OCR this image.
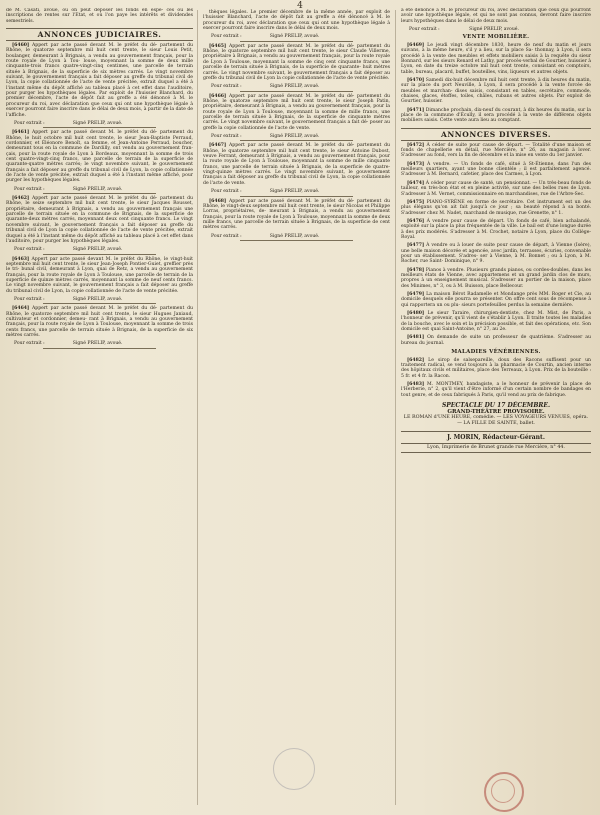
4

de M. Casati, avoué, où on peut déposer les fonds en espè- ces ou les inscriptions de rentes sur l'Etat, et où l'on paye les intérêts et dividendes semestriels.

ANNONCES JUDICIAIRES.

[6460] Appert par acte passé devant M. le préfet du dé- partement du Rhône, le quatorze septembre mil huit cent trente, le sieur Louis Petit, boulanger, demeurant à Brignais, a vendu au gouvernement français, pour la route royale de Lyon à Tou- louse, moyennant la somme de deux mille cinquante-trois francs quatre-vingt-cinq centimes, une parcelle de terrain située à Brignais, de la superficie de six mètres carrés. Le vingt novembre suivant, le gouvernement français a fait déposer au greffe du tribunal civil de Lyon, la copie collationnée de l'acte de vente précitée, extrait duquel a été à l'instant même du dépôt affiché au tableau placé à cet effet dans l'auditoire, pour purger les hypothèques légales. Par exploit de l'huissier Blanchard, du premier décembre, l'acte de dépôt fait au greffe a été dénoncé à M. le procureur du roi, avec déclaration que ceux qui ont une hypothèque légale à exercer pourront faire inscrire dans le délai de deux mois, à partir de la date de l'affiche.

Pour extrait :	Signé PRELIP, avoué.

[6461] Appert par acte passé devant M. le préfet du dé- partement du Rhône, le huit octobre mil huit cent trente, le sieur Jean-Baptiste Perraud, cordonnier, et Éléonore Benoît, sa femme, et Jean-Antoine Perraud, boucher, demeurant tous en la commune de Dardilly, ont vendu au gouvernement fran- çais, pour la route royale de Lyon à Bordeaux, moyennant la somme de trois cent quatre-vingt-cinq francs, une parcelle de terrain de la superficie de quarante-quatre mètres carrés; le vingt novembre suivant, le gouvernement français a fait déposer au greffe du tribunal civil de Lyon, la copie collationnée de l'acte de vente précitée, extrait duquel a été à l'instant même affiché, pour purger les hypothèques légales.

Pour extrait :	Signé PRELIP, avoué.

[6462] Appert par acte passé devant M. le préfet du dé- partement du Rhône, le seize septembre mil huit cent trente, le sieur Jacques Rousset, propriétaire, demeurant à Brignais, a vendu au gouvernement français une parcelle de terrain située en la commune de Brignais, de la superficie de quarante-deux mètres carrés, moyennant deux cent cinquante francs. Le vingt novembre suivant, le gouvernement français a fait déposer au greffe du tribunal civil de Lyon la copie collationnée de l'acte de vente précitée, extrait duquel a été à l'instant même du dépôt affiché au tableau placé à cet effet dans l'auditoire, pour purger les hypothèques légales.

Pour extrait :	Signé PRELIP, avoué.

[6463] Appert par acte passé devant M. le préfet du Rhône, le vingt-huit septembre mil huit cent trente, le sieur Jean-Joseph Pontier-Guiet, greffier près le tri- bunal civil, demeurant à Lyon, quai de Retz, a vendu au gouvernement français, pour la route royale de Lyon à Toulouse, une parcelle de terrain de la superficie de quinze mètres carrés, moyennant la somme de neuf cents francs. Le vingt novembre suivant, le gouvernement français a fait déposer au greffe du tribunal civil de Lyon, la copie collationnée de l'acte de vente précitée.

Pour extrait :	Signé PRELIP, avoué.

[6464] Appert par acte passé devant M. le préfet du dé- partement du Rhône, le quatorze septembre mil huit cent trente, le sieur Hugues Janiaud, cultivateur et cordonnier, demeu- rant à Brignais, a vendu au gouvernement français, pour la route royale de Lyon à Toulouse, moyennant la somme de trois cents francs, une parcelle de terrain située à Brignais, de la superficie de six mètres carrés.

Pour extrait :	Signé PRELIP, avoué.

thèques légales. Le premier décembre de la même année, par exploit de l'huissier Blanchard, l'acte de dépôt fait au greffe a été dénoncé à M. le procureur du roi, avec déclaration que ceux qui ont une hypothèque légale à exercer pourront faire inscrire dans le délai de deux mois.

Pour extrait :	Signé PRELIP, avoué.

[6465] Appert par acte passé devant M. le préfet du dé- partement du Rhône, le quatorze septembre mil huit cent trente, le sieur Claude Villerme, propriétaire à Brignais, a vendu au gouvernement français, pour la route royale de Lyon à Toulouse, moyennant la somme de cinq cent cinquante francs, une parcelle de terrain située à Brignais, de la superficie de quarante- huit mètres carrés. Le vingt novembre suivant, le gouvernement français a fait déposer au greffe du tribunal civil de Lyon la copie collationnée de l'acte de vente précitée.

Pour extrait :	Signé PRELIP, avoué.

[6466] Appert par acte passé devant M. le préfet du dé- partement du Rhône, le quatorze septembre mil huit cent trente, le sieur Joseph Patin, propriétaire, demeurant à Brignais, a vendu au gouvernement français, pour la route royale de Lyon à Toulouse, moyennant la somme de mille francs, une parcelle de terrain située à Brignais, de la superficie de cinquante mètres carrés. Le vingt novembre suivant, le gouvernement français a fait dé- poser au greffe la copie collationnée de l'acte de vente.

Pour extrait :	Signé PRELIP, avoué.

[6467] Appert par acte passé devant M. le préfet du dé- partement du Rhône, le quatorze septembre mil huit cent trente, le sieur Antoine Dubost, veuve Ferrant, demeurant à Brignais, a vendu au gouvernement français, pour la route royale de Lyon à Toulouse, moyennant la somme de mille cinquante francs, une parcelle de terrain située à Brignais, de la superficie de quatre-vingt-quinze mètres carrés. Le vingt novembre suivant, le gouvernement français a fait déposer au greffe du tribunal civil de Lyon, la copie collationnée de l'acte de vente.

Pour extrait :	Signé PRELIP, avoué.

[6468] Appert par acte passé devant M. le préfet du dé- partement du Rhône, le vingt-deux septembre mil huit cent trente, le sieur Nicolas et Philippe Lorras, propriétaires, de- meurant à Brignais, a vendu au gouvernement français, pour la route royale de Lyon à Toulouse, moyennant la somme de deux mille francs, une parcelle de terrain située à Brignais, de la superficie de cent mètres carrés.

Pour extrait :	Signé PRELIP, avoué.

a été dénoncé à M. le procureur du roi, avec déclaration que ceux qui pourront avoir une hypothèque légale, et qui ne sont pas connus, devront faire inscrire leurs hypothèques dans le délai de deux mois.

Pour extrait :	Signé PRELIP, avoué.
VENTE MOBILIÈRE.

[6469] Le jeudi vingt décembre 1830, heure de neuf du matin et jours suivans, à la même heure, s'il y a lieu, sur la place Sa- thonnay, à Lyon, il sera procédé à la vente des meubles et effets mobiliers saisis à la requête du sieur Bonnard, sur les sieurs Renard et Lathy, par procès-verbal de Gourtier, huissier à Lyon, en date du treize octobre mil huit cent trente, consistant en comptoirs, table, bureau, placard, buffet, bouteilles, vins, liqueurs et autres objets.

[6470] Samedi dix-huit décembre mil huit cent trente, à dix heures du matin, sur la place du port Neuville, à Lyon, il sera procédé à la vente forcée de meubles et marchan- dises saisis, consistant en tables, secrétaire, commode, chaises, glaces, étoffes, toiles, châles, rubans et autres objets. Par exploit de Gourtier, huissier.

[6471] Dimanche prochain, dix-neuf du courant, à dix heures du matin, sur la place de la commune d'Écully, il sera procédé à la vente de différens objets mobiliers saisis. Cette vente aura lieu au comptant.

ANNONCES DIVERSES.

[6472] À céder de suite pour cause de départ. — Totalité d'une maison et fonds de chapellerie en détail, rue Mercière, n° 26, au magasin à lover. S'adresser au fond, vers la fin de décembre et la mise en vente du 1er janvier.

[6473] À vendre. — Un fonds de café, situé à St-Étienne, dans l'un des meilleurs quartiers, ayant une bonne clientèle ; il est parfaitement agencé. S'adresser à M. Bernard, cafetier, place des Carmes, à Lyon.

[6474] À céder pour cause de santé, un pensionnat. — Un très-beau fonds de tailleur, en très-bon état et en pleine activité, sur une des belles rues de Lyon. S'adresser à M. Vernet, commissionnaire en marchandises, rue de l'Arbre-Sec.

[6475] PIANO-SYRÈNE en forme de secrétaire. Cet instrument est un des plus élégans qu'on ait fait jusqu'à ce jour ; sa beauté répond à sa bonté. S'adresser chez M. Nadet, marchand de musique, rue Grenette, n° 1.

[6476] À vendre pour cause de départ. Un fonds de café, bien achalandé, exploité sur la place la plus fréquentée de la ville. Le bail est d'une longue durée à des prix modérés. S'adresser à M. Crochet, notaire à Lyon, place du Collège-Royal.

[6477] À vendre ou à louer de suite pour cause de départ, à Vienne (Isère), une belle maison décorée et agencée, avec jardin, terrasses, écuries, convenable pour un établissement. S'adres- ser à Vienne, à M. Bonnet ; ou à Lyon, à M. Rocher, rue Saint- Dominique, n° 9.

[6478] Pianos à vendre. Plusieurs grands pianos, ou cordes-doubles, dans les meilleurs états de Vienne, avec appartemens et un grand jardin clos de murs, propres à un enseignement musical. S'adresser au portier de la maison, place des Minimes, n° 3, ou à M. Buisson, place Bellecour.

[6479] La maison Bérot Radamelle et Mondange près MM. Roger et Cie, au domicile desquels elle pourra se présenter. On offre cent sous de récompense à qui rapportera un ou plu- sieurs portefeuilles perdus la semaine dernière.

[6480] Le sieur Taraire, chirurgien-dentiste, chez M. Mist, de Paris, a l'honneur de prévenir, qu'il vient de s'établir à Lyon. Il traite toutes les maladies de la bouche, avec le soin et la précision possible, et fait des opérations, etc. Son domicile est quai Saint-Antoine, n° 27, au 2e.

[6481] On demande de suite un professeur de quatrième. S'adresser au bureau du journal.

MALADIES VÉNÉRIENNES.

[6482] Le sirop de salsepareille, doux des Racons suffisent pour un traitement radical, se vend toujours à la pharmacie de Courtin, ancien interne des hôpitaux civils et militaires, place des Terreaux, à Lyon. Prix de la bouteille : 5 fr. et 4 fr. la Racon.

[6483] M. MONTMEY, bandagiste, a le honneur de prévenir la place de l'Herberie, n° 2, qu'il vient d'être informé d'un certain nombre de bandages en tout genre, et de ceux fabriqués à Paris, qu'il vend au prix de fabrique.

SPECTACLE DU 17 DÉCEMBRE.
GRAND-THÉÂTRE PROVISOIRE.
LE ROMAN d'UNE HEURE, comédie. — LES VOYAGEURS VENUES, opéra. — LA FILLE DE SAINTE, ballet.
J. MORIN, Rédacteur-Gérant.
Lyon, Imprimerie de Brunet grande rue Mercière, n° 44.
